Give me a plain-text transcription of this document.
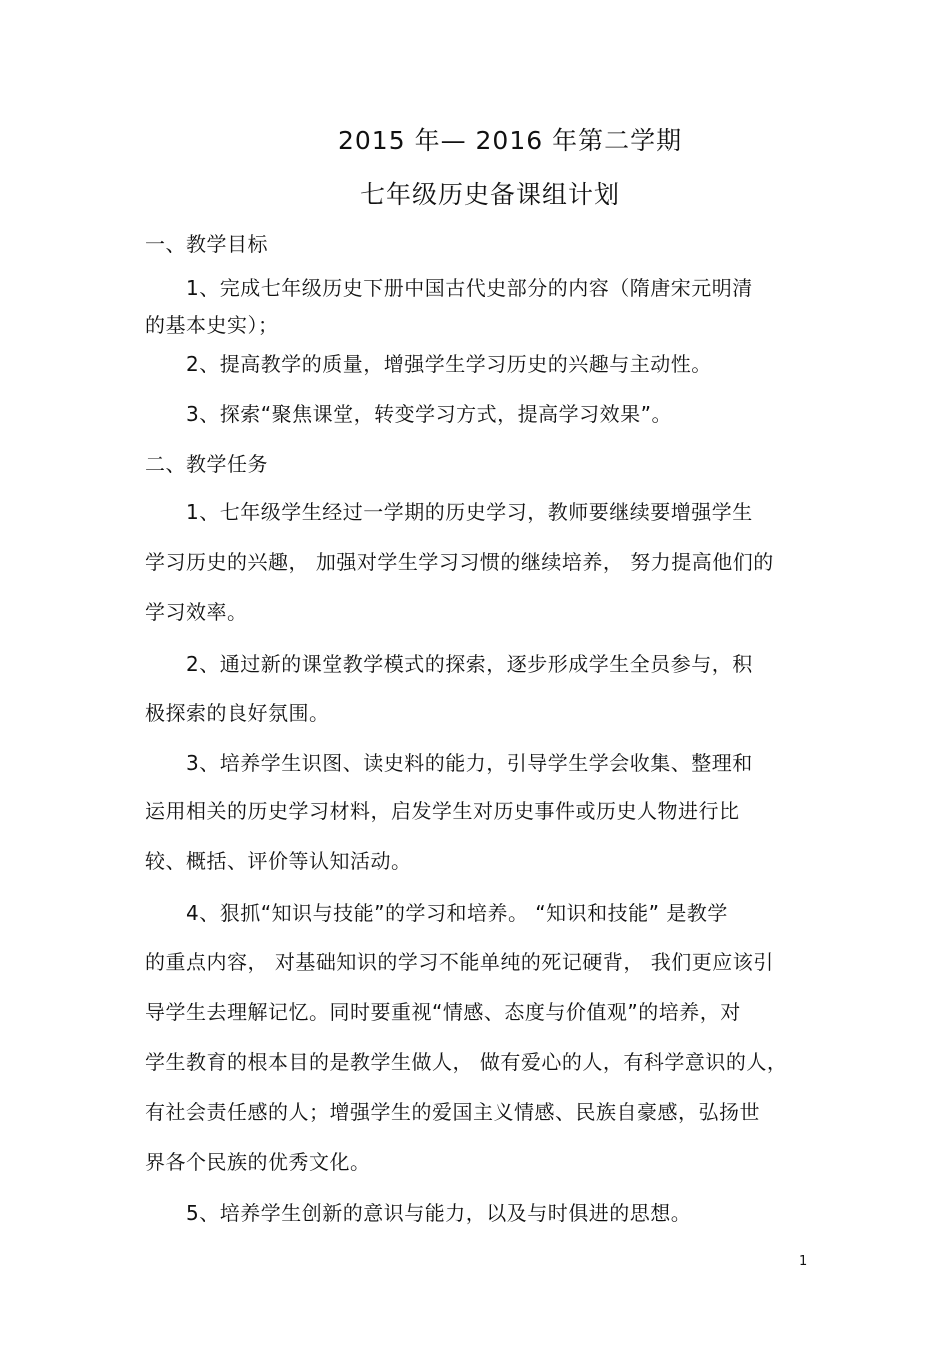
2015 年— 2016 年第二学期
七年级历史备课组计划
一、教学目标
1、完成七年级历史下册中国古代史部分的内容（隋唐宋元明清
的基本史实）；
2、提高教学的质量，增强学生学习历史的兴趣与主动性。
3、探索“聚焦课堂，转变学习方式，提高学习效果”。
二、教学任务
1、七年级学生经过一学期的历史学习，教师要继续要增强学生
学习历史的兴趣， 加强对学生学习习惯的继续培养， 努力提高他们的
学习效率。
2、通过新的课堂教学模式的探索，逐步形成学生全员参与，积
极探索的良好氛围。
3、培养学生识图、读史料的能力，引导学生学会收集、整理和
运用相关的历史学习材料，启发学生对历史事件或历史人物进行比
较、概括、评价等认知活动。
4、狠抓“知识与技能”的学习和培养。 “知识和技能” 是教学
的重点内容， 对基础知识的学习不能单纯的死记硬背， 我们更应该引
导学生去理解记忆。同时要重视“情感、态度与价值观”的培养，对
学生教育的根本目的是教学生做人， 做有爱心的人，有科学意识的人，
有社会责任感的人；增强学生的爱国主义情感、民族自豪感，弘扬世
界各个民族的优秀文化。
5、培养学生创新的意识与能力，以及与时俱进的思想。
1
